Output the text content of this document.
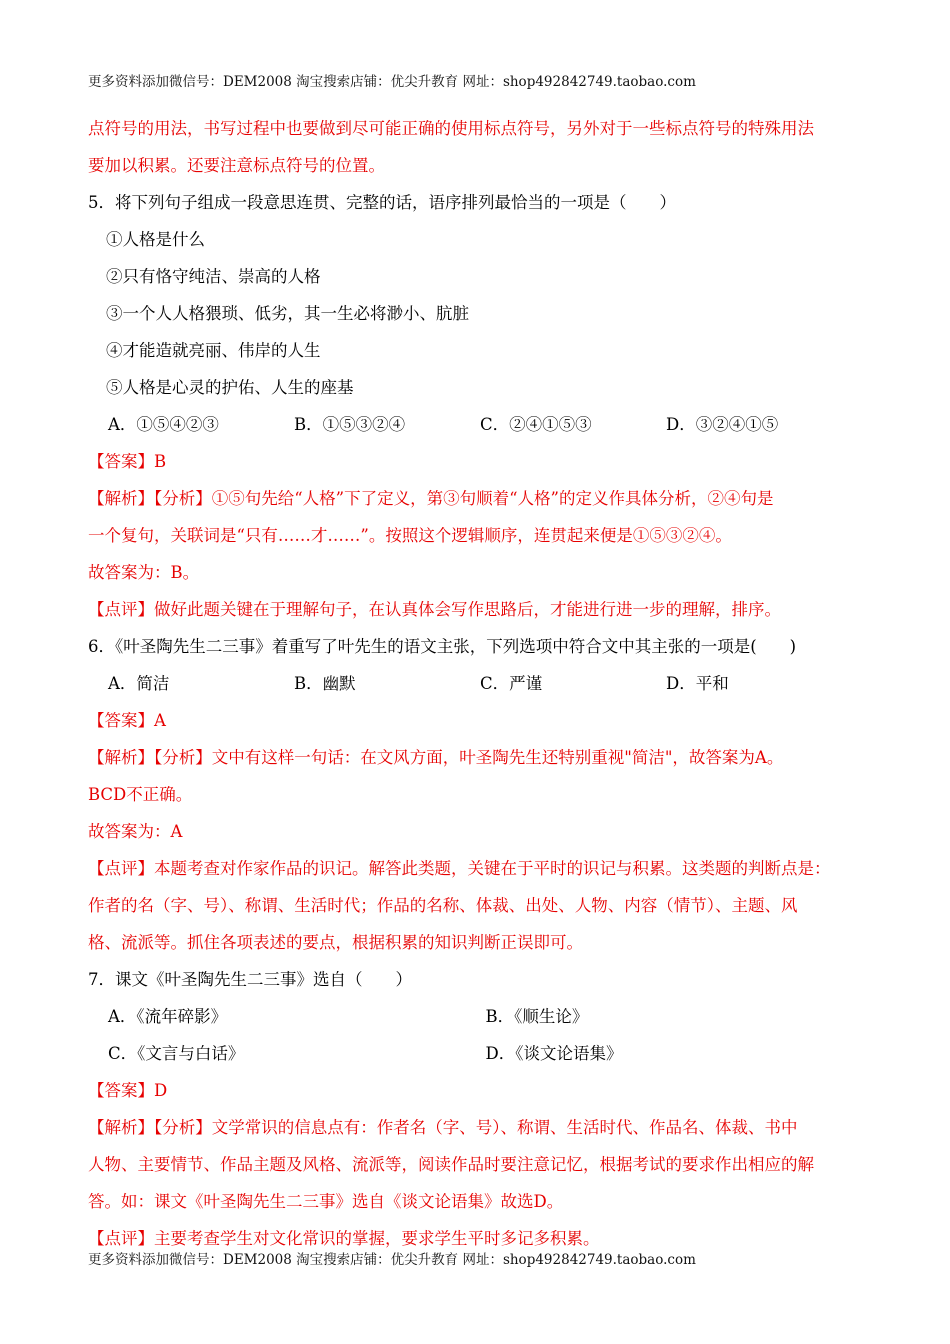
更多资料添加微信号：DEM2008 淘宝搜索店铺：优尖升教育 网址：shop492842749.taobao.com
点符号的用法，书写过程中也要做到尽可能正确的使用标点符号，另外对于一些标点符号的特殊用法
要加以积累。还要注意标点符号的位置。
5．将下列句子组成一段意思连贯、完整的话，语序排列最恰当的一项是（　　）
①人格是什么
②只有恪守纯洁、崇高的人格
③一个人人格猥琐、低劣，其一生必将渺小、肮脏
④才能造就亮丽、伟岸的人生
⑤人格是心灵的护佑、人生的座基
A．①⑤④②③	B．①⑤③②④	C．②④①⑤③	D．③②④①⑤
【答案】B
【解析】【分析】①⑤句先给“人格”下了定义，第③句顺着“人格”的定义作具体分析，②④句是
一个复句，关联词是“只有……才……”。按照这个逻辑顺序，连贯起来便是①⑤③②④。
故答案为：B。
【点评】做好此题关键在于理解句子，在认真体会写作思路后，才能进行进一步的理解，排序。
6．《叶圣陶先生二三事》着重写了叶先生的语文主张，下列选项中符合文中其主张的一项是(　　)
A．简洁	B．幽默	C．严谨	D．平和
【答案】A
【解析】【分析】文中有这样一句话：在文风方面，叶圣陶先生还特别重视"简洁"，故答案为A。
BCD不正确。
故答案为：A
【点评】本题考查对作家作品的识记。解答此类题，关键在于平时的识记与积累。这类题的判断点是：
作者的名（字、号）、称谓、生活时代；作品的名称、体裁、出处、人物、内容（情节）、主题、风
格、流派等。抓住各项表述的要点，根据积累的知识判断正误即可。
7．课文《叶圣陶先生二三事》选自（　　）
A．《流年碎影》	B．《顺生论》
C．《文言与白话》	D．《谈文论语集》
【答案】D
【解析】【分析】文学常识的信息点有：作者名（字、号）、称谓、生活时代、作品名、体裁、书中
人物、主要情节、作品主题及风格、流派等，阅读作品时要注意记忆，根据考试的要求作出相应的解
答。如：课文《叶圣陶先生二三事》选自《谈文论语集》故选D。
【点评】主要考查学生对文化常识的掌握，要求学生平时多记多积累。
更多资料添加微信号：DEM2008 淘宝搜索店铺：优尖升教育 网址：shop492842749.taobao.com
